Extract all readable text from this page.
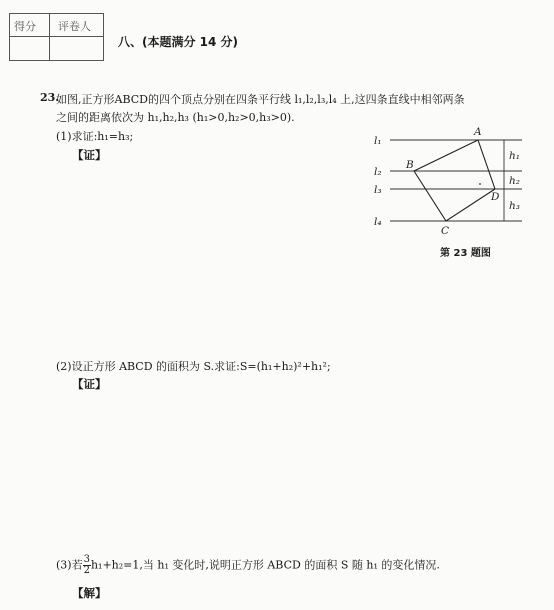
得分 评卷人
八、(本题满分 14 分)
23.
如图,正方形ABCD的四个顶点分别在四条平行线 l₁,l₂,l₃,l₄ 上,这四条直线中相邻两条
之间的距离依次为 h₁,h₂,h₃ (h₁>0,h₂>0,h₃>0).
(1)求证:h₁=h₃;
【证】
l₁
l₂
l₃
l₄
A
B
C
D
h₁
h₂
h₃
第 23 题图
(2)设正方形 ABCD 的面积为 S.求证:S=(h₁+h₂)²+h₁²;
【证】
(3)若 $\frac{3}{2} h_1+h_2=1$,当 h₁ 变化时,说明正方形 ABCD 的面积 S 随 h₁ 的变化情况.
【解】
